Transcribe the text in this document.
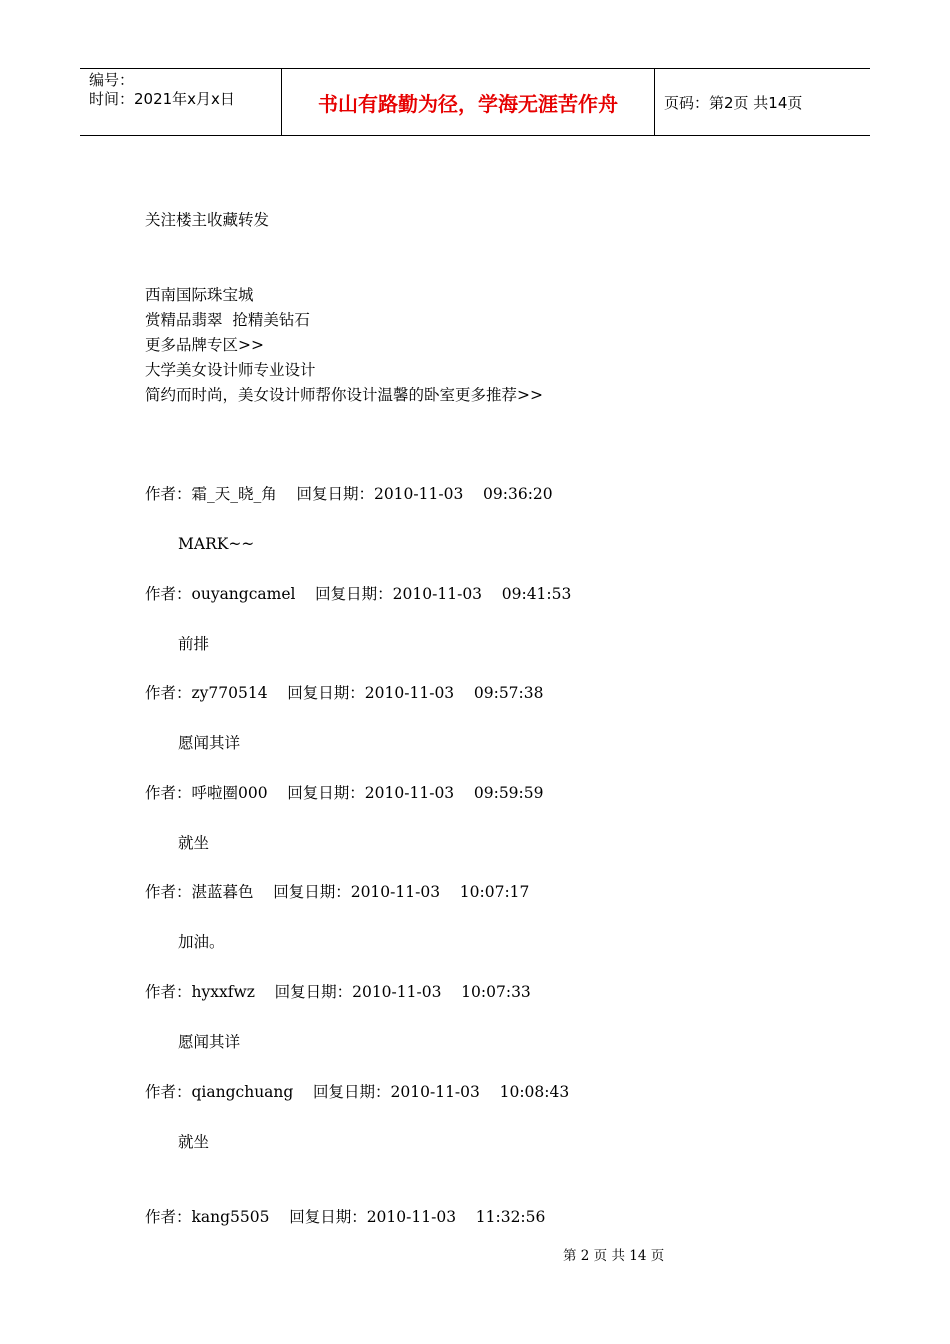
编号：
时间：2021年x月x日	书山有路勤为径，学海无涯苦作舟	页码：第2页 共14页
关注楼主收藏转发
西南国际珠宝城
赏精品翡翠  抢精美钻石
更多品牌专区>>
大学美女设计师专业设计
简约而时尚，美女设计师帮你设计温馨的卧室更多推荐>>
作者：霜_天_晓_角    回复日期：2010-11-03    09:36:20
MARK~~
作者：ouyangcamel    回复日期：2010-11-03    09:41:53
前排
作者：zy770514    回复日期：2010-11-03    09:57:38
愿闻其详
作者：呼啦圈000    回复日期：2010-11-03    09:59:59
就坐
作者：湛蓝暮色    回复日期：2010-11-03    10:07:17
加油。
作者：hyxxfwz    回复日期：2010-11-03    10:07:33
愿闻其详
作者：qiangchuang    回复日期：2010-11-03    10:08:43
就坐
作者：kang5505    回复日期：2010-11-03    11:32:56
第 2 页 共 14 页
